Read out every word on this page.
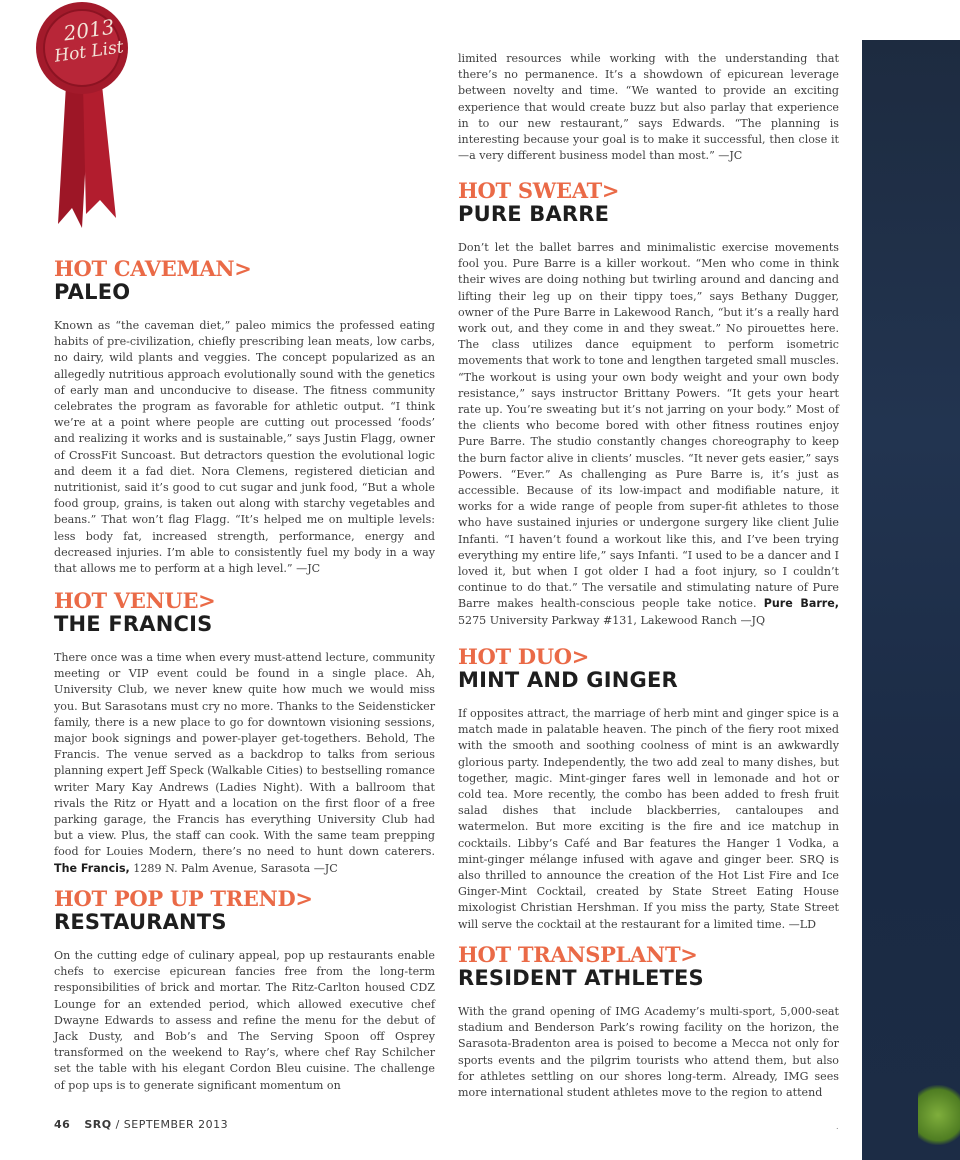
2013
Hot List
HOT CAVEMAN>
PALEO

Known as “the caveman diet,” paleo mimics the professed eating habits of pre-civilization, chiefly prescribing lean meats, low carbs, no dairy, wild plants and veggies. The concept popularized as an allegedly nutritious approach evolutionally sound with the genetics of early man and unconducive to disease. The fitness community celebrates the program as favorable for athletic output. “I think we’re at a point where people are cutting out processed ‘foods’ and realizing it works and is sustainable,” says Justin Flagg, owner of CrossFit Suncoast. But detractors question the evolutional logic and deem it a fad diet. Nora Clemens, registered dietician and nutritionist, said it’s good to cut sugar and junk food, “But a whole food group, grains, is taken out along with starchy vegetables and beans.” That won’t flag Flagg. “It’s helped me on multiple levels: less body fat, increased strength, performance, energy and decreased injuries. I’m able to consistently fuel my body in a way that allows me to perform at a high level.” —JC

HOT VENUE>
THE FRANCIS

There once was a time when every must-attend lecture, community meeting or VIP event could be found in a single place. Ah, University Club, we never knew quite how much we would miss you. But Sarasotans must cry no more. Thanks to the Seidensticker family, there is a new place to go for downtown visioning sessions, major book signings and power-player get-togethers. Behold, The Francis. The venue served as a backdrop to talks from serious planning expert Jeff Speck (Walkable Cities) to bestselling romance writer Mary Kay Andrews (Ladies Night). With a ballroom that rivals the Ritz or Hyatt and a location on the first floor of a free parking garage, the Francis has everything University Club had but a view. Plus, the staff can cook. With the same team prepping food for Louies Modern, there’s no need to hunt down caterers. The Francis, 1289 N. Palm Avenue, Sarasota —JC

HOT POP UP TREND>
RESTAURANTS

On the cutting edge of culinary appeal, pop up restaurants enable chefs to exercise epicurean fancies free from the long-term responsibilities of brick and mortar. The Ritz-Carlton housed CDZ Lounge for an extended period, which allowed executive chef Dwayne Edwards to assess and refine the menu for the debut of Jack Dusty, and Bob’s and The Serving Spoon off Osprey transformed on the weekend to Ray’s, where chef Ray Schilcher set the table with his elegant Cordon Bleu cuisine. The challenge of pop ups is to generate significant momentum on

limited resources while working with the understanding that there’s no permanence. It’s a showdown of epicurean leverage between novelty and time. “We wanted to provide an exciting experience that would create buzz but also parlay that experience in to our new restaurant,” says Edwards. “The planning is interesting because your goal is to make it successful, then close it—a very different business model than most.” —JC

HOT SWEAT>
PURE BARRE

Don’t let the ballet barres and minimalistic exercise movements fool you. Pure Barre is a killer workout. “Men who come in think their wives are doing nothing but twirling around and dancing and lifting their leg up on their tippy toes,” says Bethany Dugger, owner of the Pure Barre in Lakewood Ranch, “but it’s a really hard work out, and they come in and they sweat.” No pirouettes here. The class utilizes dance equipment to perform isometric movements that work to tone and lengthen targeted small muscles. “The workout is using your own body weight and your own body resistance,” says instructor Brittany Powers. “It gets your heart rate up. You’re sweating but it’s not jarring on your body.” Most of the clients who become bored with other fitness routines enjoy Pure Barre. The studio constantly changes choreography to keep the burn factor alive in clients’ muscles. “It never gets easier,” says Powers. “Ever.” As challenging as Pure Barre is, it’s just as accessible. Because of its low-impact and modifiable nature, it works for a wide range of people from super-fit athletes to those who have sustained injuries or undergone surgery like client Julie Infanti. “I haven’t found a workout like this, and I’ve been trying everything my entire life,” says Infanti. “I used to be a dancer and I loved it, but when I got older I had a foot injury, so I couldn’t continue to do that.” The versatile and stimulating nature of Pure Barre makes health-conscious people take notice. Pure Barre, 5275 University Parkway #131, Lakewood Ranch —JQ

HOT DUO>
MINT AND GINGER

If opposites attract, the marriage of herb mint and ginger spice is a match made in palatable heaven. The pinch of the fiery root mixed with the smooth and soothing coolness of mint is an awkwardly glorious party. Independently, the two add zeal to many dishes, but together, magic. Mint-ginger fares well in lemonade and hot or cold tea. More recently, the combo has been added to fresh fruit salad dishes that include blackberries, cantaloupes and watermelon. But more exciting is the fire and ice matchup in cocktails. Libby’s Café and Bar features the Hanger 1 Vodka, a mint-ginger mélange infused with agave and ginger beer. SRQ is also thrilled to announce the creation of the Hot List Fire and Ice Ginger-Mint Cocktail, created by State Street Eating House mixologist Christian Hershman. If you miss the party, State Street will serve the cocktail at the restaurant for a limited time. —LD

HOT TRANSPLANT>
RESIDENT ATHLETES

With the grand opening of IMG Academy’s multi-sport, 5,000-seat stadium and Benderson Park’s rowing facility on the horizon, the Sarasota-Bradenton area is poised to become a Mecca not only for sports events and the pilgrim tourists who attend them, but also for athletes settling on our shores long-term. Already, IMG sees more international student athletes move to the region to attend

46 SRQ / SEPTEMBER 2013	.
